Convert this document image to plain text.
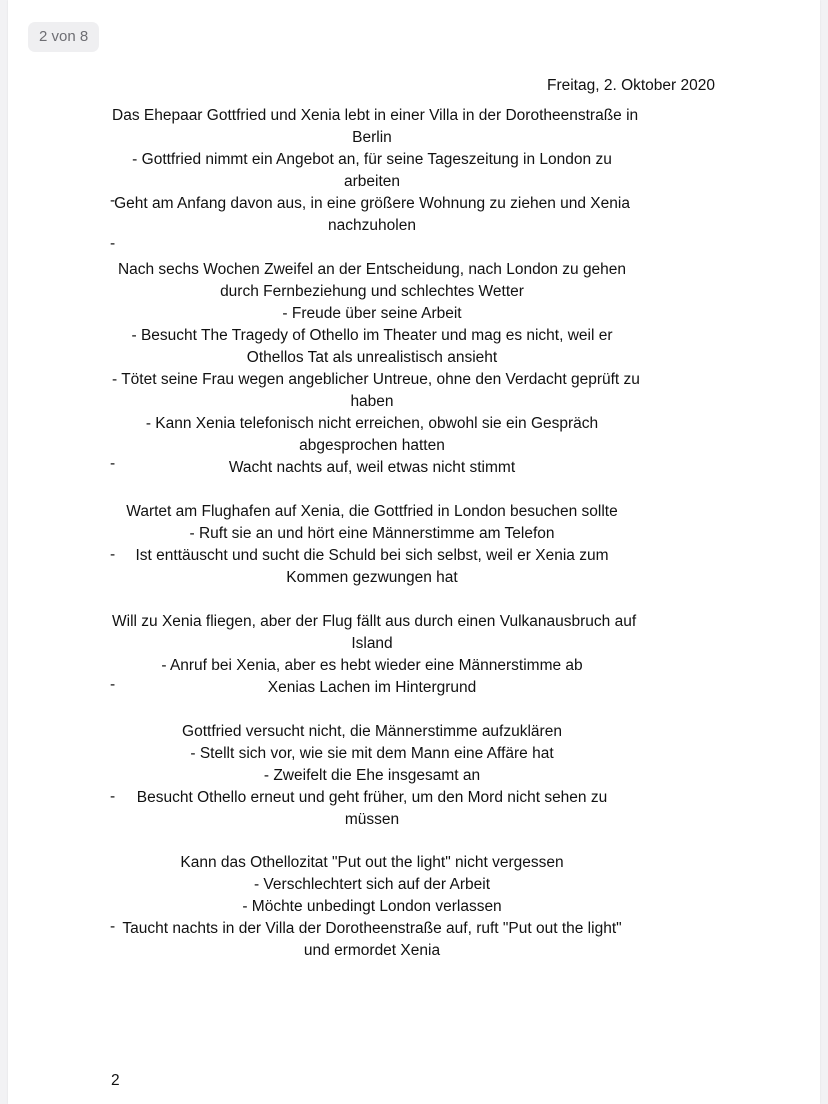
2 von 8
Freitag, 2. Oktober 2020
Das Ehepaar Gottfried und Xenia lebt in einer Villa in der Dorotheenstraße in
Berlin
- Gottfried nimmt ein Angebot an, für seine Tageszeitung in London zu
arbeiten
Geht am Anfang davon aus, in eine größere Wohnung zu ziehen und Xenia
nachzuholen
Nach sechs Wochen Zweifel an der Entscheidung, nach London zu gehen
durch Fernbeziehung und schlechtes Wetter
- Freude über seine Arbeit
- Besucht The Tragedy of Othello im Theater und mag es nicht, weil er
Othellos Tat als unrealistisch ansieht
- Tötet seine Frau wegen angeblicher Untreue, ohne den Verdacht geprüft zu
haben
- Kann Xenia telefonisch nicht erreichen, obwohl sie ein Gespräch
abgesprochen hatten
Wacht nachts auf, weil etwas nicht stimmt
Wartet am Flughafen auf Xenia, die Gottfried in London besuchen sollte
- Ruft sie an und hört eine Männerstimme am Telefon
Ist enttäuscht und sucht die Schuld bei sich selbst, weil er Xenia zum
Kommen gezwungen hat
Will zu Xenia fliegen, aber der Flug fällt aus durch einen Vulkanausbruch auf
Island
- Anruf bei Xenia, aber es hebt wieder eine Männerstimme ab
Xenias Lachen im Hintergrund
Gottfried versucht nicht, die Männerstimme aufzuklären
- Stellt sich vor, wie sie mit dem Mann eine Affäre hat
- Zweifelt die Ehe insgesamt an
Besucht Othello erneut und geht früher, um den Mord nicht sehen zu
müssen
Kann das Othellozitat "Put out the light" nicht vergessen
- Verschlechtert sich auf der Arbeit
- Möchte unbedingt London verlassen
Taucht nachts in der Villa der Dorotheenstraße auf, ruft "Put out the light"
und ermordet Xenia
-
-
-
-
-
-
-
2
